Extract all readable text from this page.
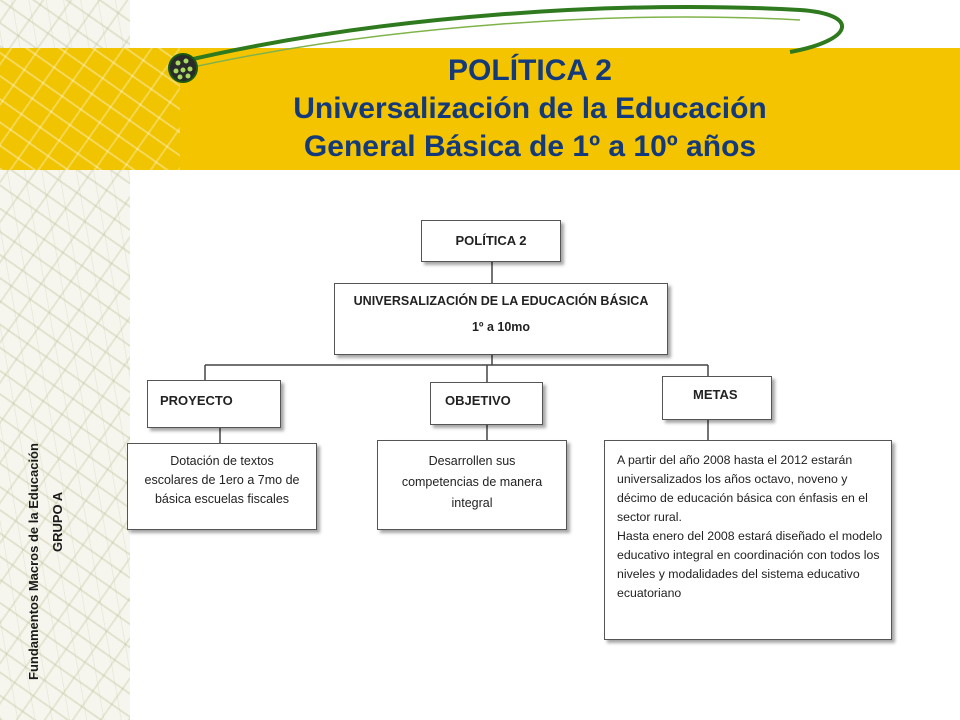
POLÍTICA 2
Universalización de la Educación
General Básica de 1º a 10º años
Fundamentos Macros de la Educación GRUPO A
POLÍTICA 2
UNIVERSALIZACIÓN DE LA EDUCACIÓN BÁSICA
1º a 10mo
PROYECTO	OBJETIVO	METAS
Dotación de textos escolares de 1ero a 7mo de básica escuelas fiscales
Desarrollen sus competencias de manera integral
A partir del año 2008 hasta el 2012 estarán universalizados los años octavo, noveno y décimo de educación básica con énfasis en el sector rural.
Hasta enero del 2008 estará diseñado el modelo educativo integral en coordinación con todos los niveles y modalidades del sistema educativo ecuatoriano
